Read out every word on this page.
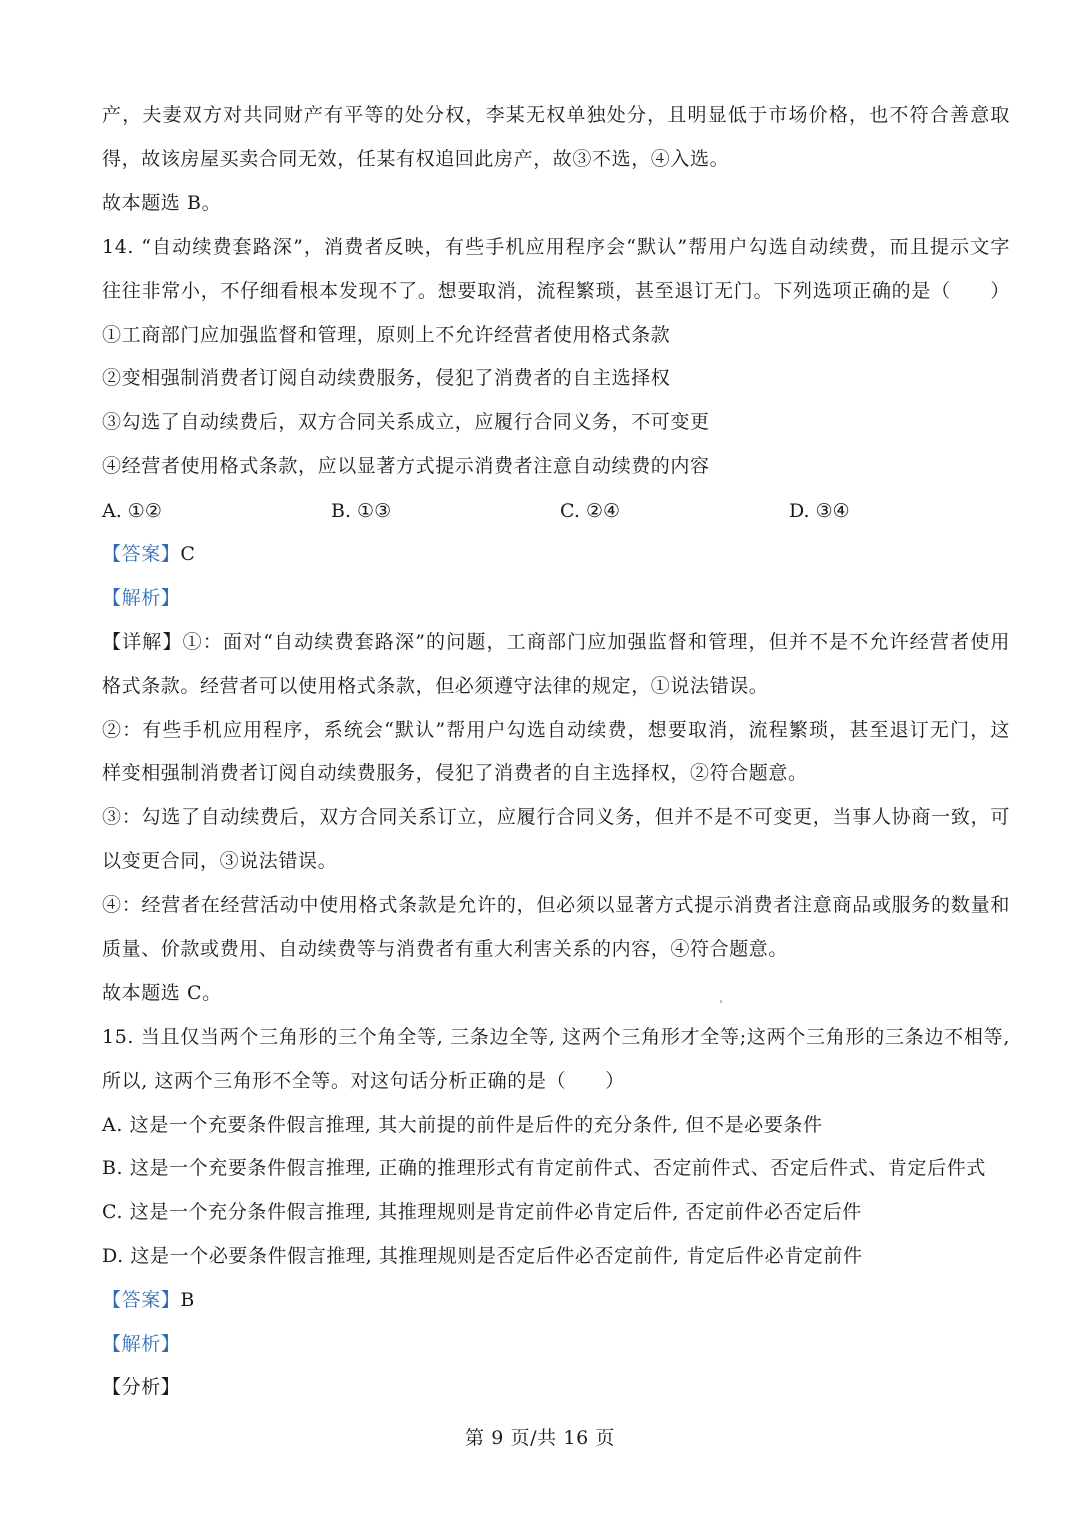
产，夫妻双方对共同财产有平等的处分权，李某无权单独处分，且明显低于市场价格，也不符合善意取
得，故该房屋买卖合同无效，任某有权追回此房产，故③不选，④入选。
故本题选 B。
14. “自动续费套路深”，消费者反映，有些手机应用程序会“默认”帮用户勾选自动续费，而且提示文字
往往非常小，不仔细看根本发现不了。想要取消，流程繁琐，甚至退订无门。下列选项正确的是（　　）
①工商部门应加强监督和管理，原则上不允许经营者使用格式条款
②变相强制消费者订阅自动续费服务，侵犯了消费者的自主选择权
③勾选了自动续费后，双方合同关系成立，应履行合同义务，不可变更
④经营者使用格式条款，应以显著方式提示消费者注意自动续费的内容
A. ①②	B. ①③	C. ②④	D. ③④
【答案】C
【解析】
【详解】①：面对“自动续费套路深”的问题，工商部门应加强监督和管理，但并不是不允许经营者使用
格式条款。经营者可以使用格式条款，但必须遵守法律的规定，①说法错误。
②：有些手机应用程序，系统会“默认”帮用户勾选自动续费，想要取消，流程繁琐，甚至退订无门，这
样变相强制消费者订阅自动续费服务，侵犯了消费者的自主选择权，②符合题意。
③：勾选了自动续费后，双方合同关系订立，应履行合同义务，但并不是不可变更，当事人协商一致，可
以变更合同，③说法错误。
④：经营者在经营活动中使用格式条款是允许的，但必须以显著方式提示消费者注意商品或服务的数量和
质量、价款或费用、自动续费等与消费者有重大利害关系的内容，④符合题意。
故本题选 C。
15. 当且仅当两个三角形的三个角全等, 三条边全等, 这两个三角形才全等;这两个三角形的三条边不相等,
所以, 这两个三角形不全等。对这句话分析正确的是（　　）
A. 这是一个充要条件假言推理, 其大前提的前件是后件的充分条件, 但不是必要条件
B. 这是一个充要条件假言推理, 正确的推理形式有肯定前件式、否定前件式、否定后件式、肯定后件式
C. 这是一个充分条件假言推理, 其推理规则是肯定前件必肯定后件, 否定前件必否定后件
D. 这是一个必要条件假言推理, 其推理规则是否定后件必否定前件, 肯定后件必肯定前件
【答案】B
【解析】
【分析】
第 9 页/共 16 页
